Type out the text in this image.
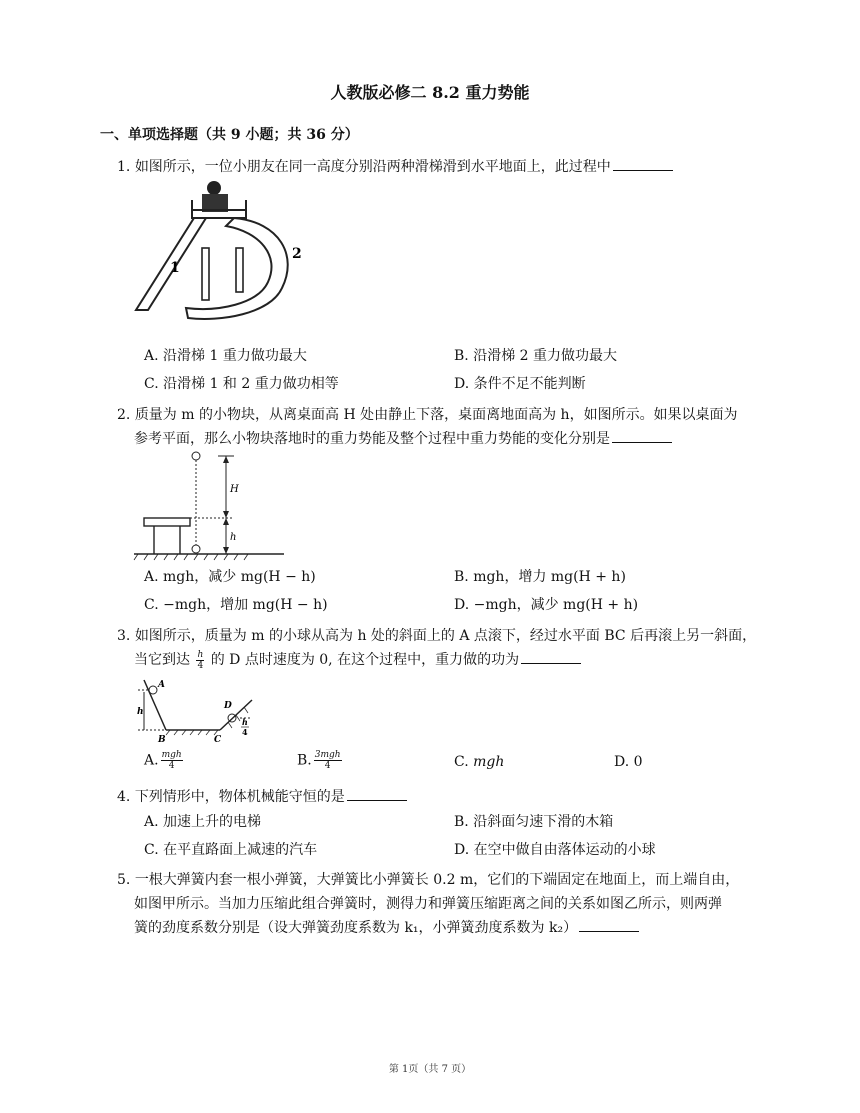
人教版必修二 8.2 重力势能
一、单项选择题（共 9 小题；共 36 分）
1. 如图所示，一位小朋友在同一高度分别沿两种滑梯滑到水平地面上，此过程中
1
2
A. 沿滑梯 1 重力做功最大	B. 沿滑梯 2 重力做功最大
C. 沿滑梯 1 和 2 重力做功相等	D. 条件不足不能判断
2. 质量为 m 的小物块，从离桌面高 H 处由静止下落，桌面离地面高为 h，如图所示。如果以桌面为
参考平面，那么小物块落地时的重力势能及整个过程中重力势能的变化分别是
H
h
A. mgh，减少 mg(H − h)	B. mgh，增力 mg(H + h)
C. −mgh，增加 mg(H − h)	D. −mgh，减少 mg(H + h)
3. 如图所示，质量为 m 的小球从高为 h 处的斜面上的 A 点滚下，经过水平面 BC 后再滚上另一斜面，
当它到达 $\frac{h}{4}$ 的 D 点时速度为 0, 在这个过程中，重力做的功为
A
h
B	C
D
h
4
A. $\frac{\text{mgh}}{4}$	B. $\frac{\text{3mgh}}{4}$	C. mgh	D. 0
4. 下列情形中，物体机械能守恒的是
A. 加速上升的电梯	B. 沿斜面匀速下滑的木箱
C. 在平直路面上减速的汽车	D. 在空中做自由落体运动的小球
5. 一根大弹簧内套一根小弹簧，大弹簧比小弹簧长 0.2 m，它们的下端固定在地面上，而上端自由，
如图甲所示。当加力压缩此组合弹簧时，测得力和弹簧压缩距离之间的关系如图乙所示，则两弹
簧的劲度系数分别是（设大弹簧劲度系数为 k₁，小弹簧劲度系数为 k₂）
第 1页（共 7 页）
